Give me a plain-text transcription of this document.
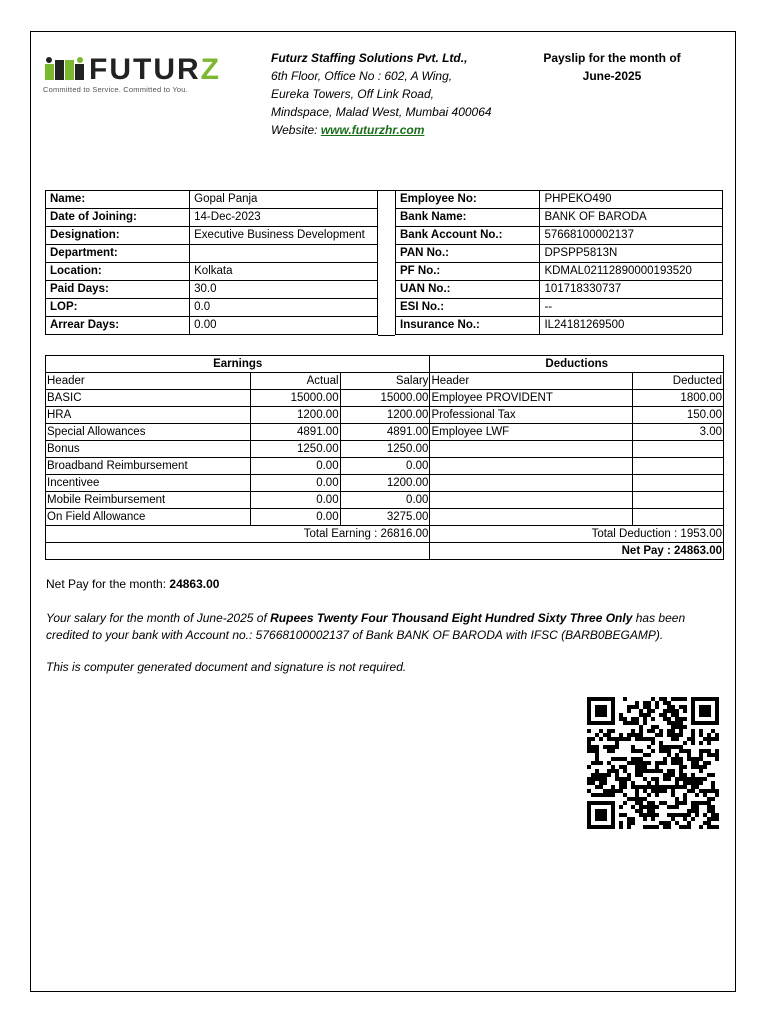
FUTURZ
Committed to Service. Committed to You.
Futurz Staffing Solutions Pvt. Ltd.,
6th Floor, Office No : 602, A Wing,
Eureka Towers, Off Link Road,
Mindspace, Malad West, Mumbai 400064
Website: www.futurzhr.com
Payslip for the month of
June-2025
Name:	Gopal Panja
Date of Joining:	14-Dec-2023
Designation:	Executive Business Development
Department:	
Location:	Kolkata
Paid Days:	30.0
LOP:	0.0
Arrear Days:	0.00
Employee No:	PHPEKO490
Bank Name:	BANK OF BARODA
Bank Account No.:	57668100002137
PAN No.:	DPSPP5813N
PF No.:	KDMAL02112890000193520
UAN No.:	101718330737
ESI No.:	--
Insurance No.:	IL24181269500
Earnings			Deductions	
Header	Actual	Salary	Header	Deducted
BASIC	15000.00	15000.00	Employee PROVIDENT	1800.00
HRA	1200.00	1200.00	Professional Tax	150.00
Special Allowances	4891.00	4891.00	Employee LWF	3.00
Bonus	1250.00	1250.00		
Broadband Reimbursement	0.00	0.00		
Incentivee	0.00	1200.00		
Mobile Reimbursement	0.00	0.00		
On Field Allowance	0.00	3275.00		
Total Earning : 26816.00			Total Deduction : 1953.00	
			Net Pay : 24863.00	
Net Pay for the month: 24863.00
Your salary for the month of June-2025 of Rupees Twenty Four Thousand Eight Hundred Sixty Three Only has been credited to your bank with Account no.: 57668100002137 of Bank BANK OF BARODA with IFSC (BARB0BEGAMP).
This is computer generated document and signature is not required.
